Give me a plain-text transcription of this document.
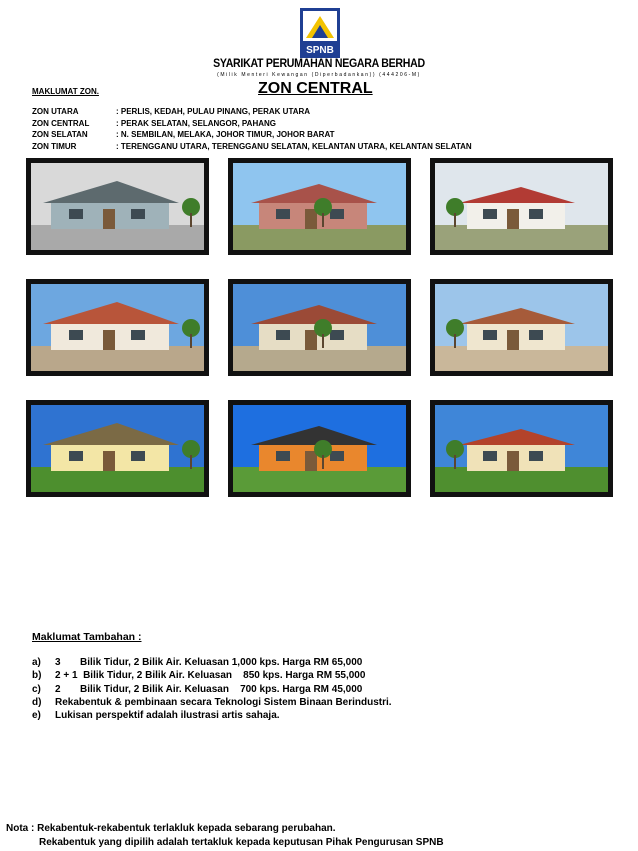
SPNB
SYARIKAT PERUMAHAN NEGARA BERHAD
(Milik Menteri Kewangan (Diperbadankan)) (444206-M)
MAKLUMAT ZON.	ZON CENTRAL
ZON UTARA	: PERLIS, KEDAH, PULAU PINANG, PERAK UTARA
ZON CENTRAL	: PERAK SELATAN, SELANGOR, PAHANG
ZON SELATAN	: N. SEMBILAN, MELAKA, JOHOR TIMUR, JOHOR BARAT
ZON TIMUR	: TERENGGANU UTARA, TERENGGANU SELATAN, KELANTAN UTARA, KELANTAN SELATAN
Maklumat Tambahan :
a)	3       Bilik Tidur, 2 Bilik Air. Keluasan 1,000 kps. Harga RM 65,000
b)	2 + 1  Bilik Tidur, 2 Bilik Air. Keluasan    850 kps. Harga RM 55,000
c)	2       Bilik Tidur, 2 Bilik Air. Keluasan    700 kps. Harga RM 45,000
d)	Rekabentuk & pembinaan secara Teknologi Sistem Binaan Berindustri.
e)	Lukisan perspektif adalah ilustrasi artis sahaja.
Nota : Rekabentuk-rekabentuk terlakluk kepada sebarang perubahan.
Rekabentuk yang dipilih adalah tertakluk kepada keputusan Pihak Pengurusan SPNB
